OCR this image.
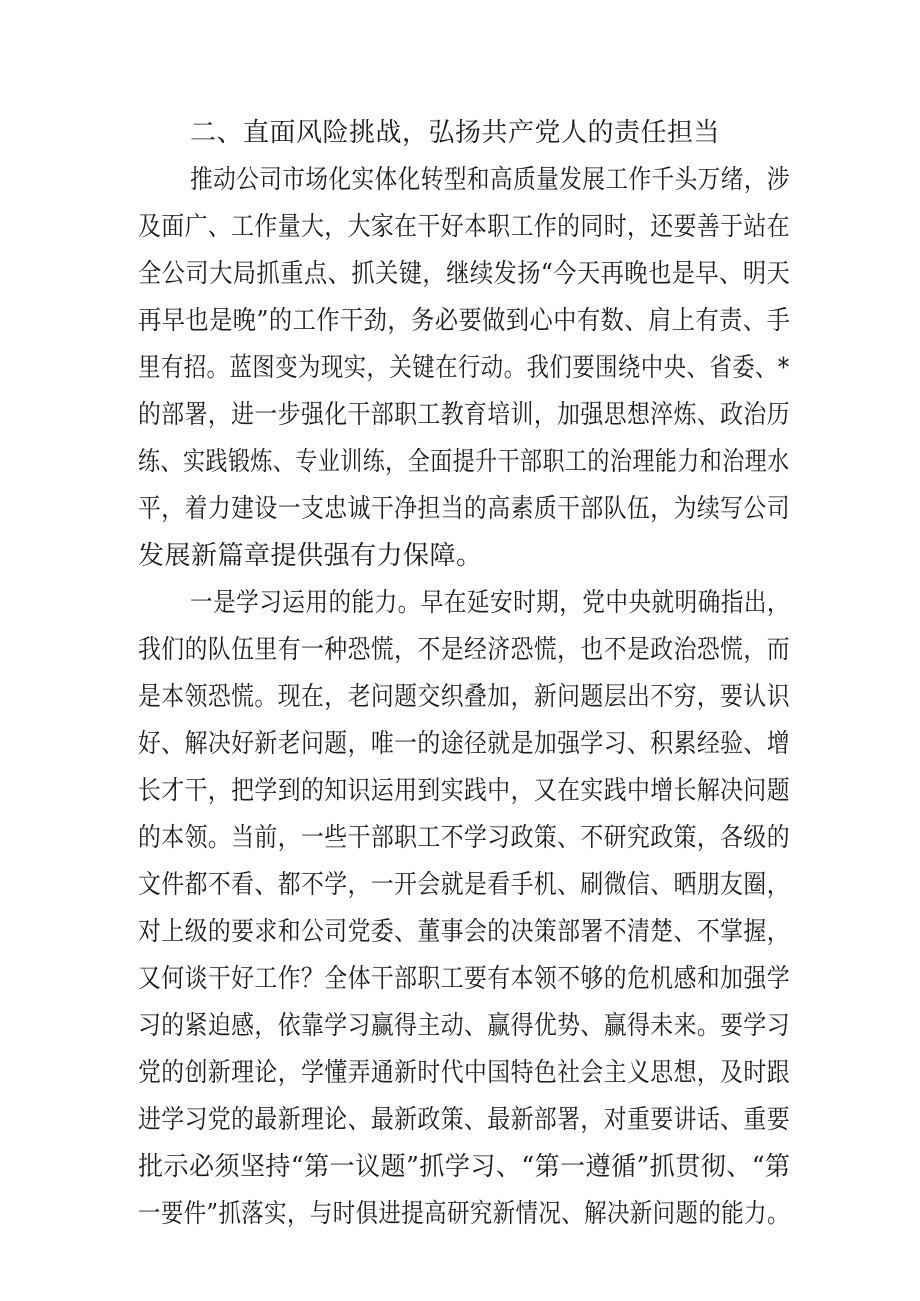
二、直面风险挑战，弘扬共产党人的责任担当
推动公司市场化实体化转型和高质量发展工作千头万绪，涉
及面广、工作量大，大家在干好本职工作的同时，还要善于站在
全公司大局抓重点、抓关键，继续发扬“今天再晚也是早、明天
再早也是晚”的工作干劲，务必要做到心中有数、肩上有责、手
里有招。蓝图变为现实，关键在行动。我们要围绕中央、省委、*
的部署，进一步强化干部职工教育培训，加强思想淬炼、政治历
练、实践锻炼、专业训练，全面提升干部职工的治理能力和治理水
平，着力建设一支忠诚干净担当的高素质干部队伍，为续写公司
发展新篇章提供强有力保障。
一是学习运用的能力。早在延安时期，党中央就明确指出，
我们的队伍里有一种恐慌，不是经济恐慌，也不是政治恐慌，而
是本领恐慌。现在，老问题交织叠加，新问题层出不穷，要认识
好、解决好新老问题，唯一的途径就是加强学习、积累经验、增
长才干，把学到的知识运用到实践中，又在实践中增长解决问题
的本领。当前，一些干部职工不学习政策、不研究政策，各级的
文件都不看、都不学，一开会就是看手机、刷微信、晒朋友圈，
对上级的要求和公司党委、董事会的决策部署不清楚、不掌握，
又何谈干好工作？全体干部职工要有本领不够的危机感和加强学
习的紧迫感，依靠学习赢得主动、赢得优势、赢得未来。要学习
党的创新理论，学懂弄通新时代中国特色社会主义思想，及时跟
进学习党的最新理论、最新政策、最新部署，对重要讲话、重要
批示必须坚持“第一议题”抓学习、“第一遵循”抓贯彻、“第
一要件”抓落实，与时俱进提高研究新情况、解决新问题的能力。
